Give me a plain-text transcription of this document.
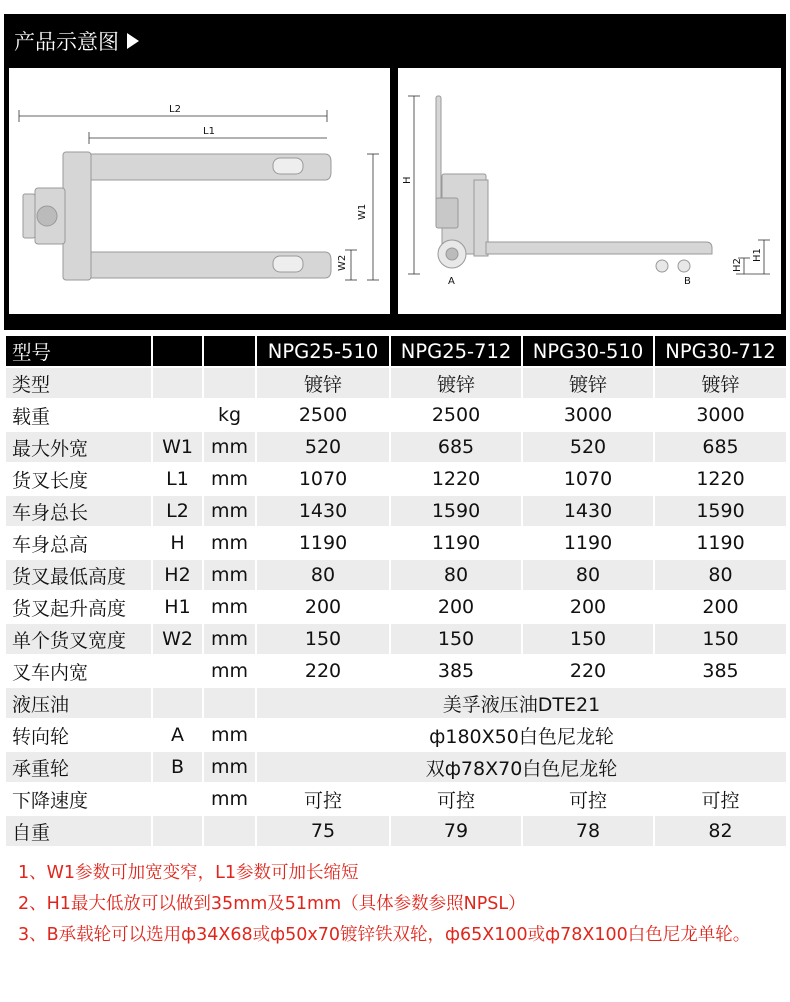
产品示意图
L2
L1
W1
W2
H
H1
H2
A	B
型号			NPG25-510	NPG25-712	NPG30-510	NPG30-712
类型			镀锌	镀锌	镀锌	镀锌
载重		kg	2500	2500	3000	3000
最大外宽	W1	mm	520	685	520	685
货叉长度	L1	mm	1070	1220	1070	1220
车身总长	L2	mm	1430	1590	1430	1590
车身总高	H	mm	1190	1190	1190	1190
货叉最低高度	H2	mm	80	80	80	80
货叉起升高度	H1	mm	200	200	200	200
单个货叉宽度	W2	mm	150	150	150	150
叉车内宽		mm	220	385	220	385
液压油			美孚液压油DTE21			
转向轮	A	mm	ф180X50白色尼龙轮			
承重轮	B	mm	双ф78X70白色尼龙轮			
下降速度		mm	可控	可控	可控	可控
自重			75	79	78	82

1、W1参数可加宽变窄，L1参数可加长缩短

2、H1最大低放可以做到35mm及51mm（具体参数参照NPSL）

3、B承载轮可以选用ф34X68或ф50x70镀锌铁双轮，ф65X100或ф78X100白色尼龙单轮。
